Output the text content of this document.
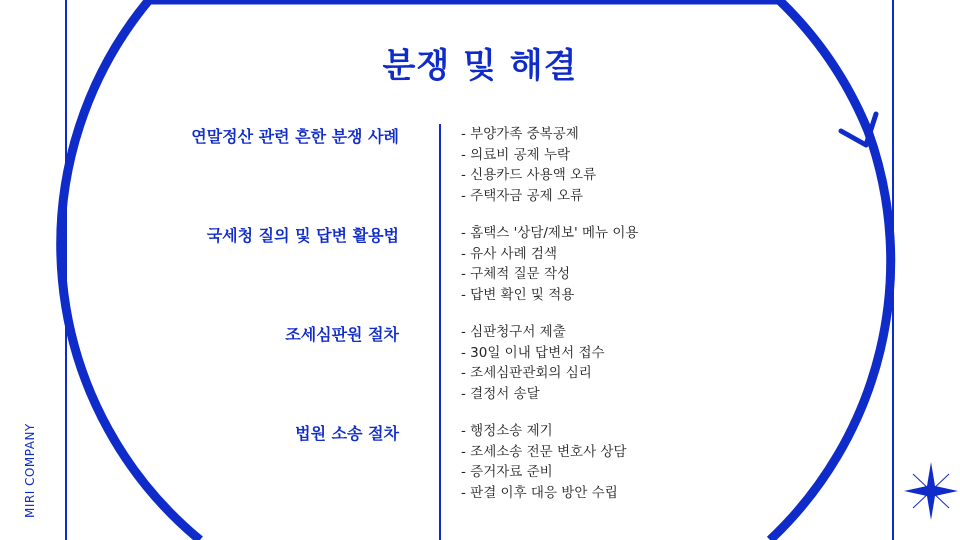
분쟁 및 해결
MIRI COMPANY
연말정산 관련 흔한 분쟁 사례	- 부양가족 중복공제
- 의료비 공제 누락
- 신용카드 사용액 오류
- 주택자금 공제 오류
국세청 질의 및 답변 활용법	- 홈택스 '상담/제보' 메뉴 이용
- 유사 사례 검색
- 구체적 질문 작성
- 답변 확인 및 적용
조세심판원 절차	- 심판청구서 제출
- 30일 이내 답변서 접수
- 조세심판관회의 심리
- 결정서 송달
법원 소송 절차	- 행정소송 제기
- 조세소송 전문 변호사 상담
- 증거자료 준비
- 판결 이후 대응 방안 수립
